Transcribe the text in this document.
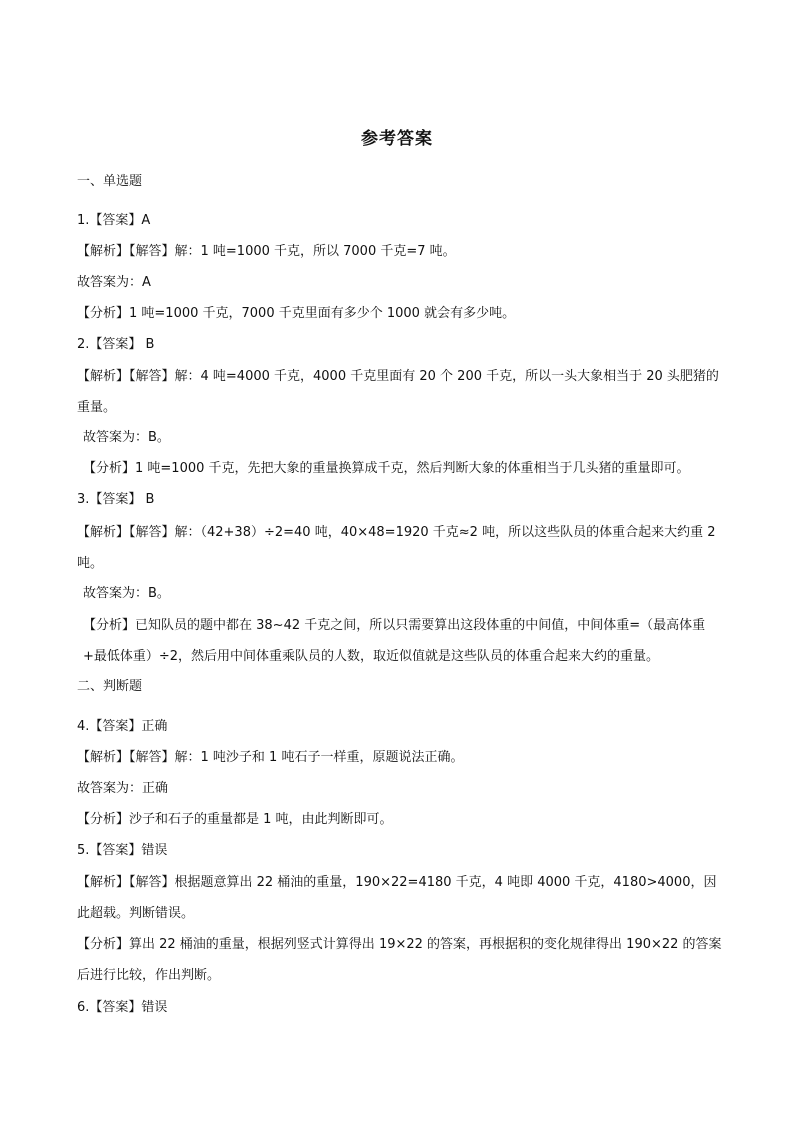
参考答案
一、单选题
1.【答案】A
【解析】【解答】解：1 吨=1000 千克，所以 7000 千克=7 吨。
故答案为：A
【分析】1 吨=1000 千克，7000 千克里面有多少个 1000 就会有多少吨。
2.【答案】 B
【解析】【解答】解：4 吨=4000 千克，4000 千克里面有 20 个 200 千克，所以一头大象相当于 20 头肥猪的重量。
故答案为：B。
【分析】1 吨=1000 千克，先把大象的重量换算成千克，然后判断大象的体重相当于几头猪的重量即可。
3.【答案】 B
【解析】【解答】解：（42+38）÷2=40 吨，40×48=1920 千克≈2 吨，所以这些队员的体重合起来大约重 2 吨。
故答案为：B。
【分析】已知队员的题中都在 38~42 千克之间，所以只需要算出这段体重的中间值，中间体重=（最高体重+最低体重）÷2，然后用中间体重乘队员的人数，取近似值就是这些队员的体重合起来大约的重量。
二、判断题
4.【答案】正确
【解析】【解答】解：1 吨沙子和 1 吨石子一样重，原题说法正确。
故答案为：正确
【分析】沙子和石子的重量都是 1 吨，由此判断即可。
5.【答案】错误
【解析】【解答】根据题意算出 22 桶油的重量，190×22=4180 千克，4 吨即 4000 千克，4180>4000，因此超载。判断错误。
【分析】算出 22 桶油的重量，根据列竖式计算得出 19×22 的答案，再根据积的变化规律得出 190×22 的答案后进行比较，作出判断。
6.【答案】错误
